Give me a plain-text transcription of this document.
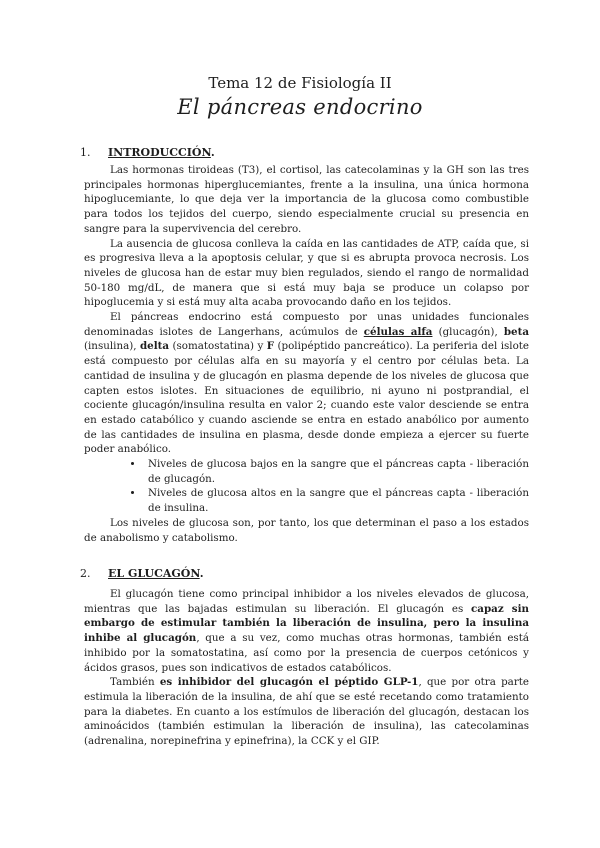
Tema 12 de Fisiología II
El páncreas endocrino
1. INTRODUCCIÓN.

Las hormonas tiroideas (T3), el cortisol, las catecolaminas y la GH son las tres principales hormonas hiperglucemiantes, frente a la insulina, una única hormona hipoglucemiante, lo que deja ver la importancia de la glucosa como combustible para todos los tejidos del cuerpo, siendo especialmente crucial su presencia en sangre para la supervivencia del cerebro.

La ausencia de glucosa conlleva la caída en las cantidades de ATP, caída que, si es progresiva lleva a la apoptosis celular, y que si es abrupta provoca necrosis. Los niveles de glucosa han de estar muy bien regulados, siendo el rango de normalidad 50-180 mg/dL, de manera que si está muy baja se produce un colapso por hipoglucemia y si está muy alta acaba provocando daño en los tejidos.

El páncreas endocrino está compuesto por unas unidades funcionales denominadas islotes de Langerhans, acúmulos de células alfa (glucagón), beta (insulina), delta (somatostatina) y F (polipéptido pancreático). La periferia del islote está compuesto por células alfa en su mayoría y el centro por células beta. La cantidad de insulina y de glucagón en plasma depende de los niveles de glucosa que capten estos islotes. En situaciones de equilibrio, ni ayuno ni postprandial, el cociente glucagón/insulina resulta en valor 2; cuando este valor desciende se entra en estado catabólico y cuando asciende se entra en estado anabólico por aumento de las cantidades de insulina en plasma, desde donde empieza a ejercer su fuerte poder anabólico.

• Niveles de glucosa bajos en la sangre que el páncreas capta - liberación de glucagón.
• Niveles de glucosa altos en la sangre que el páncreas capta - liberación de insulina.

Los niveles de glucosa son, por tanto, los que determinan el paso a los estados de anabolismo y catabolismo.

2. EL GLUCAGÓN.

El glucagón tiene como principal inhibidor a los niveles elevados de glucosa, mientras que las bajadas estimulan su liberación. El glucagón es capaz sin embargo de estimular también la liberación de insulina, pero la insulina inhibe al glucagón, que a su vez, como muchas otras hormonas, también está inhibido por la somatostatina, así como por la presencia de cuerpos cetónicos y ácidos grasos, pues son indicativos de estados catabólicos.

También es inhibidor del glucagón el péptido GLP-1, que por otra parte estimula la liberación de la insulina, de ahí que se esté recetando como tratamiento para la diabetes. En cuanto a los estímulos de liberación del glucagón, destacan los aminoácidos (también estimulan la liberación de insulina), las catecolaminas (adrenalina, norepinefrina y epinefrina), la CCK y el GIP.
